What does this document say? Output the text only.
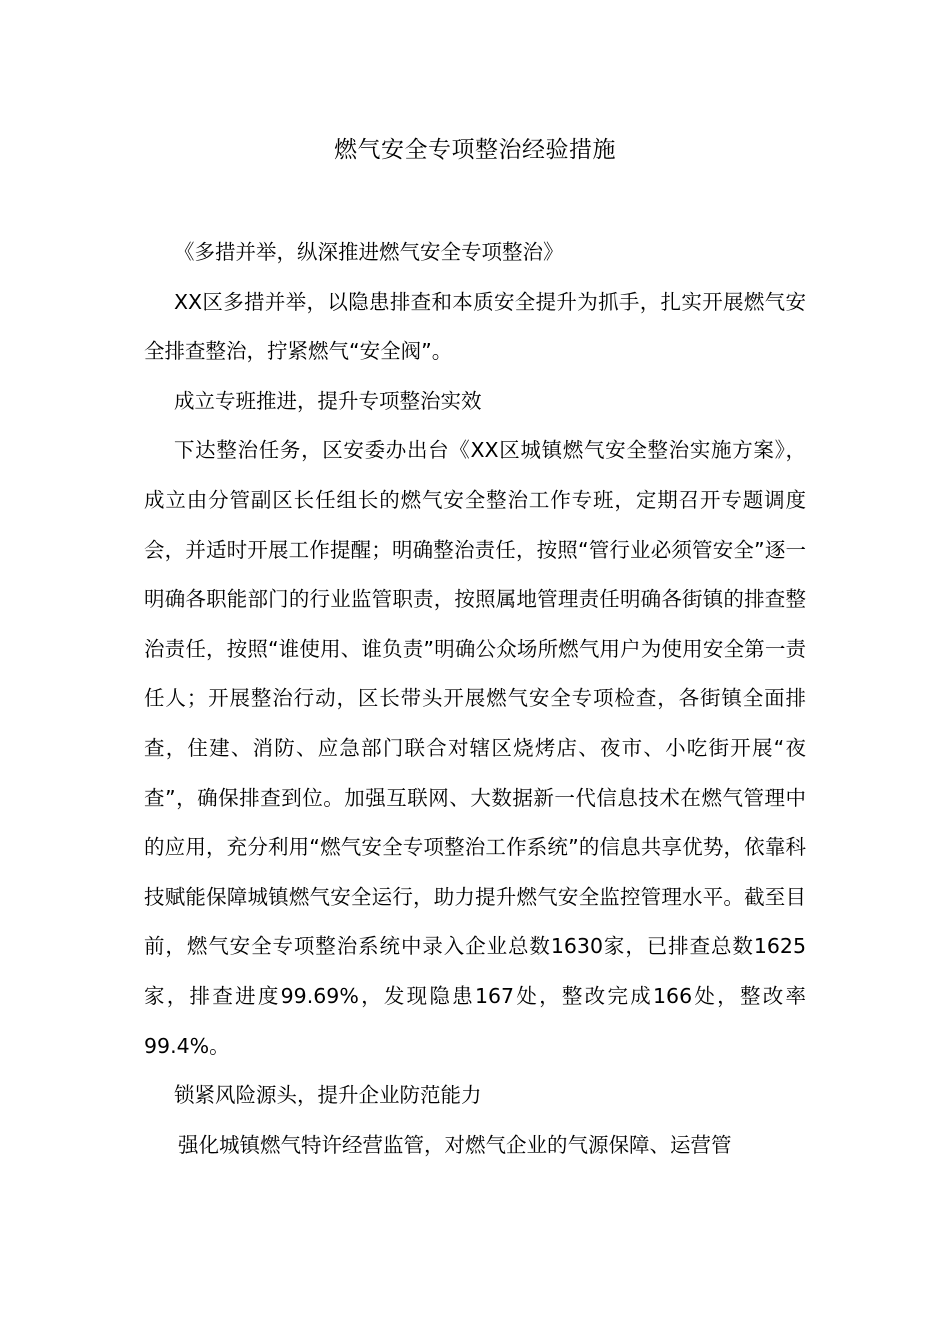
燃气安全专项整治经验措施

《多措并举，纵深推进燃气安全专项整治》

XX区多措并举，以隐患排查和本质安全提升为抓手，扎实开展燃气安全排查整治，拧紧燃气“安全阀”。

成立专班推进，提升专项整治实效

下达整治任务，区安委办出台《XX区城镇燃气安全整治实施方案》，成立由分管副区长任组长的燃气安全整治工作专班，定期召开专题调度会，并适时开展工作提醒；明确整治责任，按照“管行业必须管安全”逐一明确各职能部门的行业监管职责，按照属地管理责任明确各街镇的排查整治责任，按照“谁使用、谁负责”明确公众场所燃气用户为使用安全第一责任人；开展整治行动，区长带头开展燃气安全专项检查，各街镇全面排查，住建、消防、应急部门联合对辖区烧烤店、夜市、小吃街开展“夜查”，确保排查到位。加强互联网、大数据新一代信息技术在燃气管理中的应用，充分利用“燃气安全专项整治工作系统”的信息共享优势，依靠科技赋能保障城镇燃气安全运行，助力提升燃气安全监控管理水平。截至目前，燃气安全专项整治系统中录入企业总数1630家，已排查总数1625家，排查进度99.69%，发现隐患167处，整改完成166处，整改率99.4%。

锁紧风险源头，提升企业防范能力

强化城镇燃气特许经营监管，对燃气企业的气源保障、运营管
